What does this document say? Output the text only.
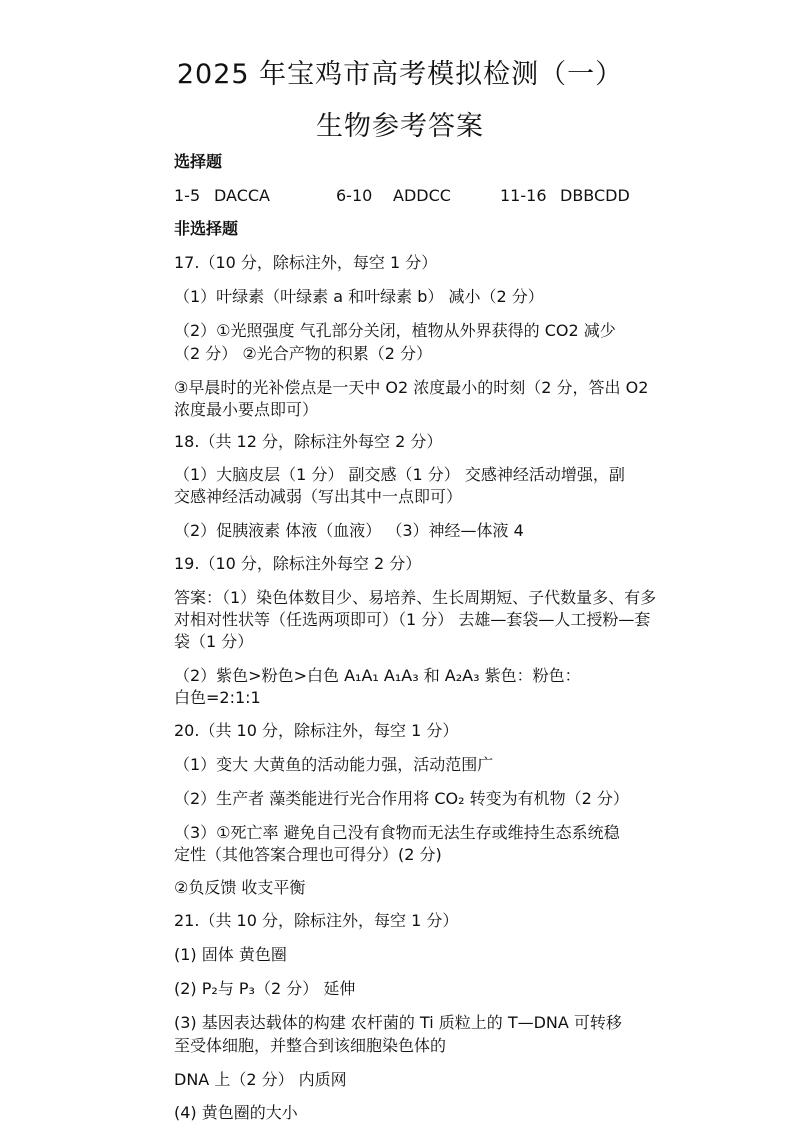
2025 年宝鸡市高考模拟检测（一）
生物参考答案
选择题
1-5 DACCA	6-10 ADDCC	11-16 DBBCDD
非选择题
17.（10 分，除标注外，每空 1 分）
（1）叶绿素（叶绿素 a 和叶绿素 b） 减小（2 分）
（2）①光照强度 气孔部分关闭，植物从外界获得的 CO2 减少
（2 分） ②光合产物的积累（2 分）
③早晨时的光补偿点是一天中 O2 浓度最小的时刻（2 分，答出 O2
浓度最小要点即可）
18.（共 12 分，除标注外每空 2 分）
（1）大脑皮层（1 分） 副交感（1 分） 交感神经活动增强，副
交感神经活动减弱（写出其中一点即可）
（2）促胰液素 体液（血液） （3）神经—体液 4
19.（10 分，除标注外每空 2 分）
答案：（1）染色体数目少、易培养、生长周期短、子代数量多、有多
对相对性状等（任选两项即可）（1 分） 去雄—套袋—人工授粉—套
袋（1 分）
（2）紫色>粉色>白色 A₁A₁ A₁A₃ 和 A₂A₃ 紫色：粉色：
白色=2:1:1
20.（共 10 分，除标注外，每空 1 分）
（1）变大 大黄鱼的活动能力强，活动范围广
（2）生产者 藻类能进行光合作用将 CO₂ 转变为有机物（2 分）
（3）①死亡率 避免自己没有食物而无法生存或维持生态系统稳
定性（其他答案合理也可得分）(2 分)
②负反馈 收支平衡
21.（共 10 分，除标注外，每空 1 分）
(1) 固体 黄色圈
(2) P₂与 P₃（2 分） 延伸
(3) 基因表达载体的构建 农杆菌的 Ti 质粒上的 T—DNA 可转移
至受体细胞，并整合到该细胞染色体的
DNA 上（2 分） 内质网
(4) 黄色圈的大小
